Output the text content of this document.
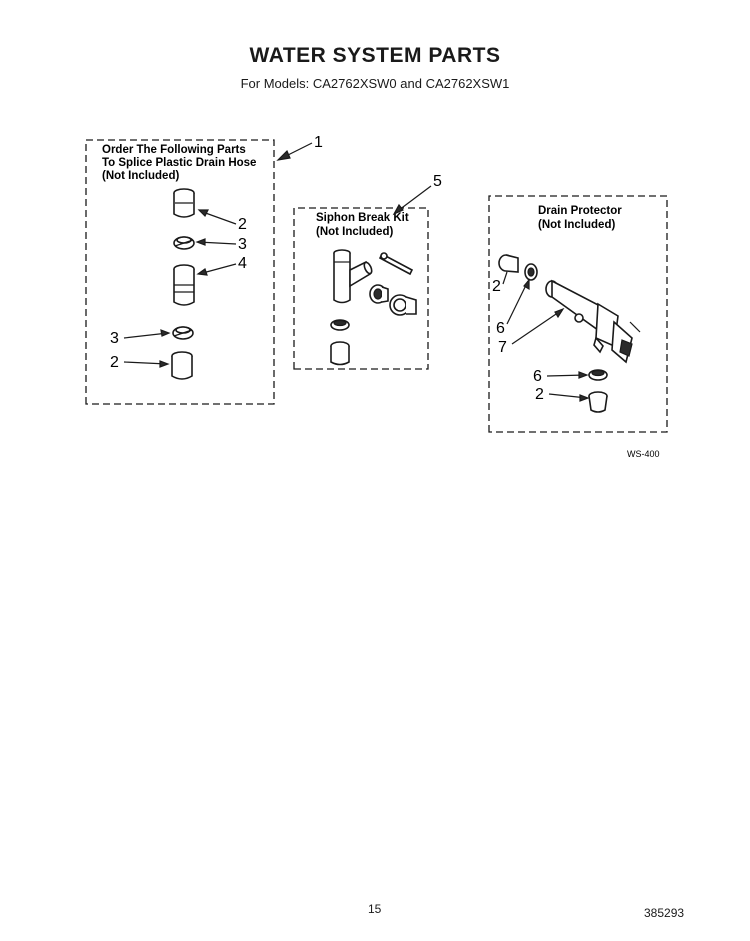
WATER SYSTEM PARTS
For Models: CA2762XSW0 and CA2762XSW1
Order The Following Parts
To Splice Plastic Drain Hose
(Not Included)
1
2
3
4
3
2
Siphon Break Kit
(Not Included)
5
Drain Protector
(Not Included)
2
6
7
6
2
WS-400
15	385293
